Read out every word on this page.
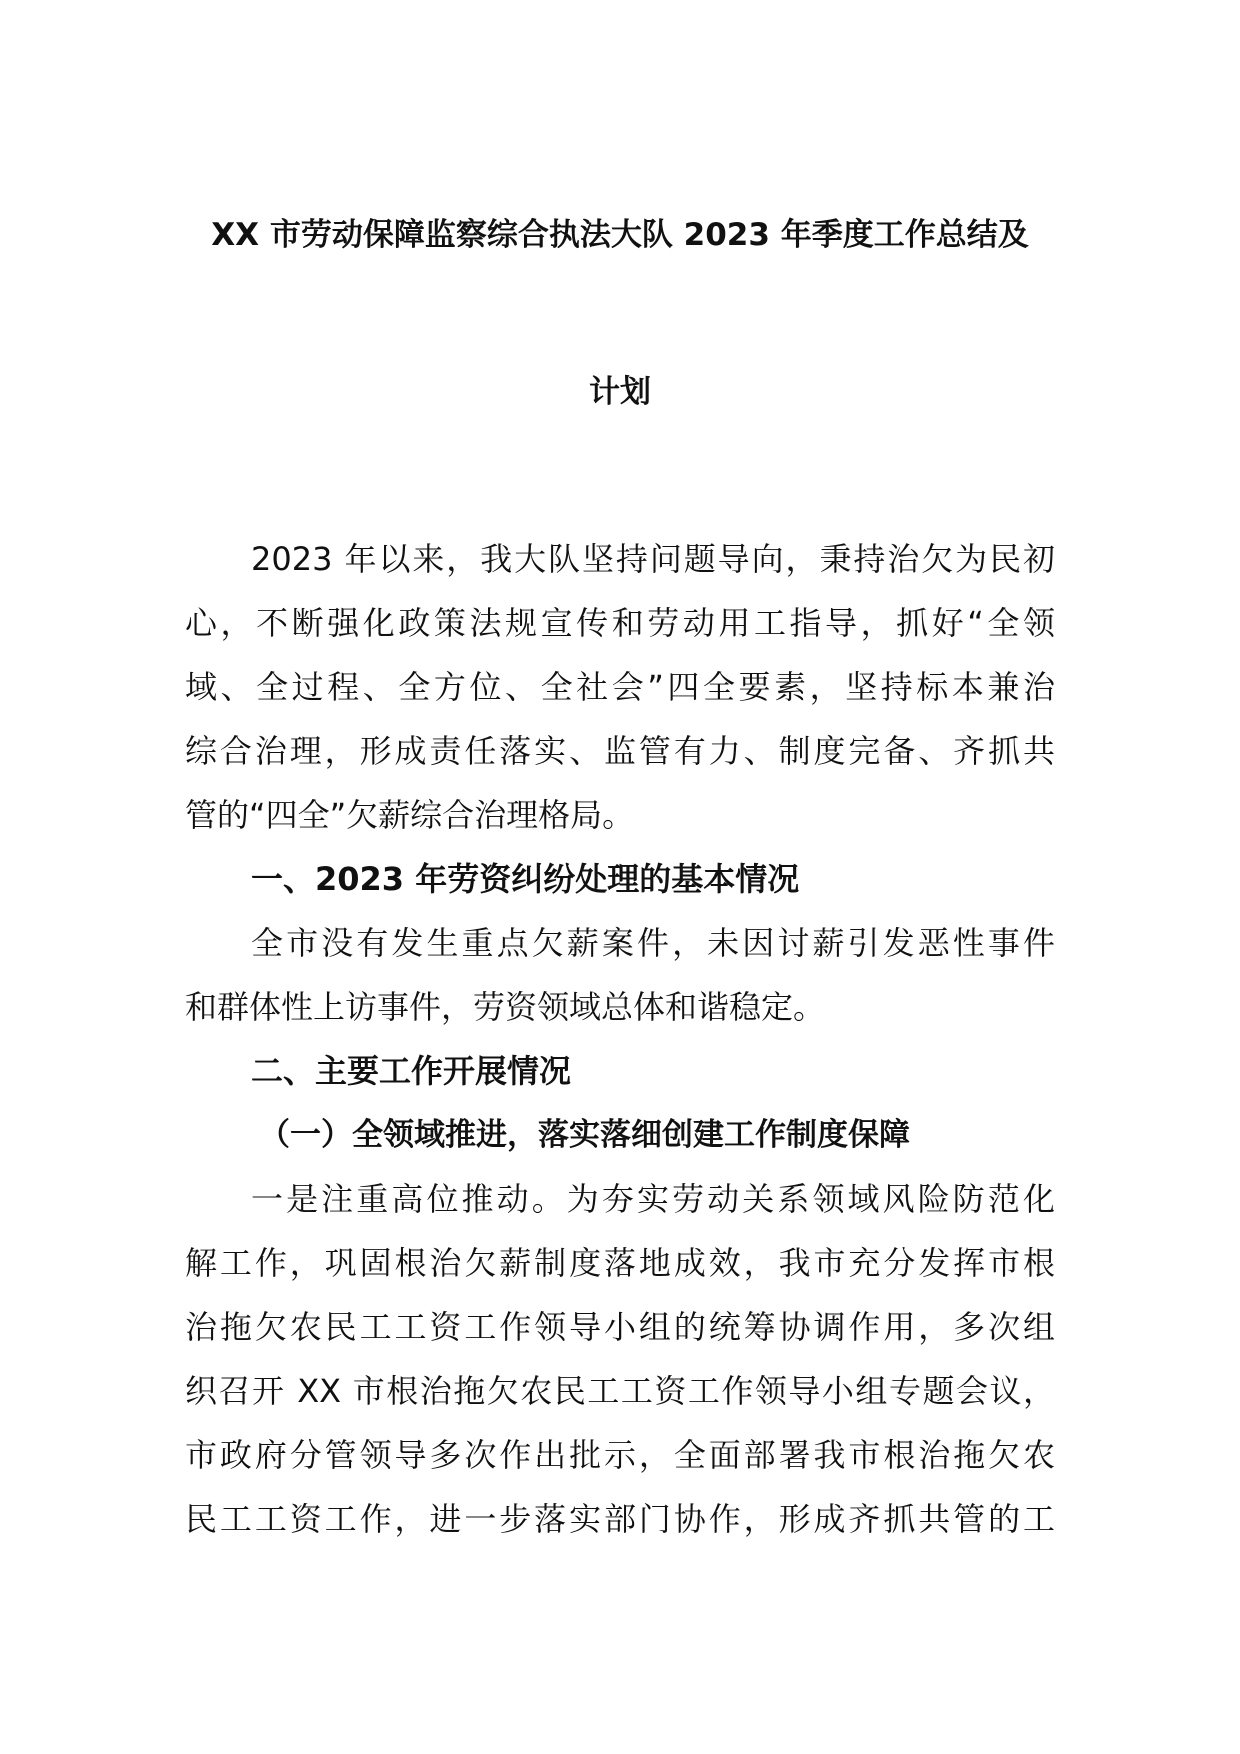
XX 市劳动保障监察综合执法大队 2023 年季度工作总结及
计划
2023 年以来，我大队坚持问题导向，秉持治欠为民初
心，不断强化政策法规宣传和劳动用工指导，抓好“全领
域、全过程、全方位、全社会”四全要素，坚持标本兼治
综合治理，形成责任落实、监管有力、制度完备、齐抓共
管的“四全”欠薪综合治理格局。
一、2023 年劳资纠纷处理的基本情况
全市没有发生重点欠薪案件，未因讨薪引发恶性事件
和群体性上访事件，劳资领域总体和谐稳定。
二、主要工作开展情况
（一）全领域推进，落实落细创建工作制度保障
一是注重高位推动。为夯实劳动关系领域风险防范化
解工作，巩固根治欠薪制度落地成效，我市充分发挥市根
治拖欠农民工工资工作领导小组的统筹协调作用，多次组
织召开 XX 市根治拖欠农民工工资工作领导小组专题会议，
市政府分管领导多次作出批示，全面部署我市根治拖欠农
民工工资工作，进一步落实部门协作，形成齐抓共管的工
